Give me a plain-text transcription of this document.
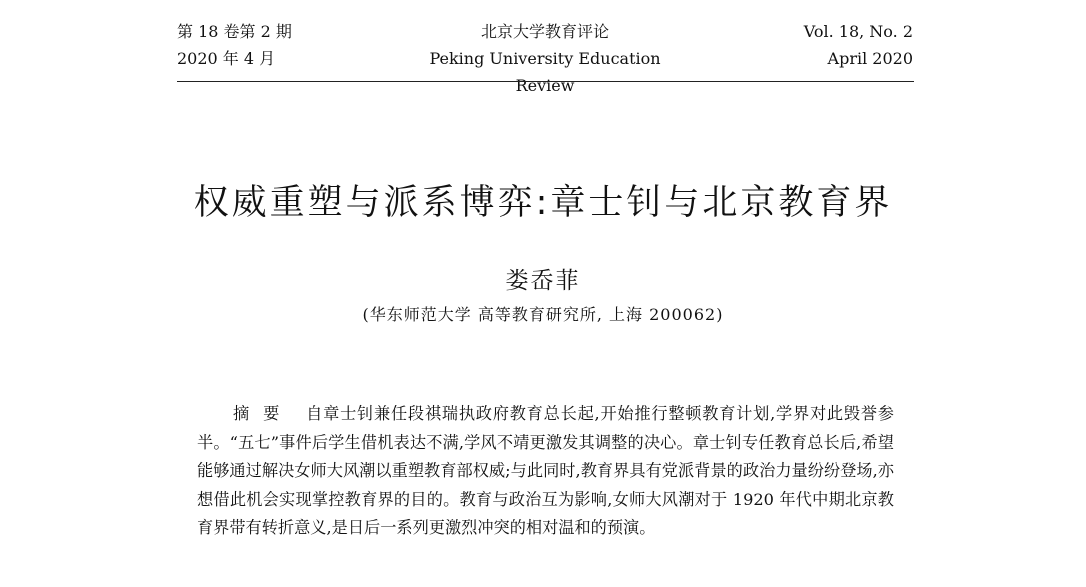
第 18 卷第 2 期
2020 年 4 月
北京大学教育评论
Peking University Education Review
Vol. 18, No. 2
April 2020
权威重塑与派系博弈:章士钊与北京教育界
娄岙菲
(华东师范大学 高等教育研究所, 上海 200062)
摘要 自章士钊兼任段祺瑞执政府教育总长起,开始推行整顿教育计划,学界对此毁誉参半。“五七”事件后学生借机表达不满,学风不靖更激发其调整的决心。章士钊专任教育总长后,希望能够通过解决女师大风潮以重塑教育部权威;与此同时,教育界具有党派背景的政治力量纷纷登场,亦想借此机会实现掌控教育界的目的。教育与政治互为影响,女师大风潮对于 1920 年代中期北京教育界带有转折意义,是日后一系列更激烈冲突的相对温和的预演。
